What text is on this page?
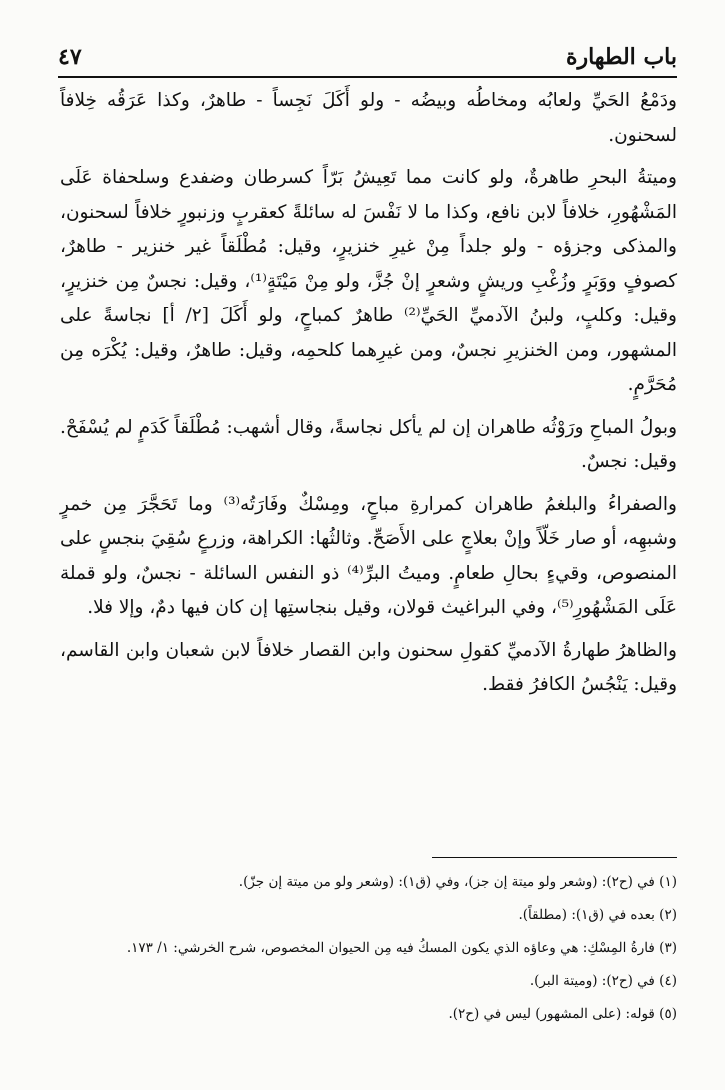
باب الطهارة
٤٧

ودَمْعُ الحَيِّ ولعابُه ومخاطُه وبيضُه - ولو أَكَلَ نَجِساً - طاهرٌ، وكذا عَرَقُه خِلافاً لسحنون.

وميتةُ البحرِ طاهرةٌ، ولو كانت مما تَعِيشُ بَرّاً كسرطان وضفدع وسلحفاة عَلَى المَشْهُورِ، خلافاً لابن نافع، وكذا ما لا نَفْسَ له سائلةً كعقربٍ وزنبورٍ خلافاً لسحنون، والمذكى وجزؤه - ولو جلداً مِنْ غيرِ خنزيرٍ، وقيل: مُطْلَقاً غير خنزير - طاهرٌ، كصوفٍ ووَبَرٍ وزُغْبِ وريشٍ وشعرٍ إنْ جُزَّ، ولو مِنْ مَيْتَةٍ⁽¹⁾، وقيل: نجسٌ مِن خنزيرٍ، وقيل: وكلبٍ، ولبنُ الآدميِّ الحَيِّ⁽²⁾ طاهرٌ كمباحٍ، ولو أَكَلَ [٢/ أ] نجاسةً على المشهور، ومن الخنزيرِ نجسٌ، ومن غيرِهما كلحمِه، وقيل: طاهرٌ، وقيل: يُكْرَه مِن مُحَرَّمٍ.

وبولُ المباحِ ورَوْثُه طاهران إن لم يأكل نجاسةً، وقال أشهب: مُطْلَقاً كَدَمٍ لم يُسْفَحْ. وقيل: نجسٌ.

والصفراءُ والبلغمُ طاهران كمرارةِ مباحٍ، ومِسْكٌ وفَارَتُه⁽³⁾ وما تَحَجَّرَ مِن خمرٍ وشبهِه، أو صار خَلّاً وإنْ بعلاجٍ على الأَصَحِّ. وثالثُها: الكراهة، وزرعٍ سُقِيَ بنجسٍ على المنصوص، وقيءٍ بحالِ طعامٍ. وميتُ البرِّ⁽⁴⁾ ذو النفس السائلة - نجسٌ، ولو قملة عَلَى المَشْهُورِ⁽⁵⁾، وفي البراغيث قولان، وقيل بنجاستِها إن كان فيها دمٌ، وإلا فلا.

والظاهرُ طهارةُ الآدميِّ كقولِ سحنون وابن القصار خلافاً لابن شعبان وابن القاسم، وقيل: يَنْجُسُ الكافرُ فقط.

(١) في (ح٢): (وشعر ولو ميتة إن جز)، وفي (ق١): (وشعر ولو من ميتة إن جزّ).

(٢) بعده في (ق١): (مطلقاً).

(٣) فارةُ المِسْكِ: هي وعاؤه الذي يكون المسكُ فيه مِن الحيوان المخصوص، شرح الخرشي: ١/ ١٧٣.

(٤) في (ح٢): (وميتة البر).

(٥) قوله: (على المشهور) ليس في (ح٢).
